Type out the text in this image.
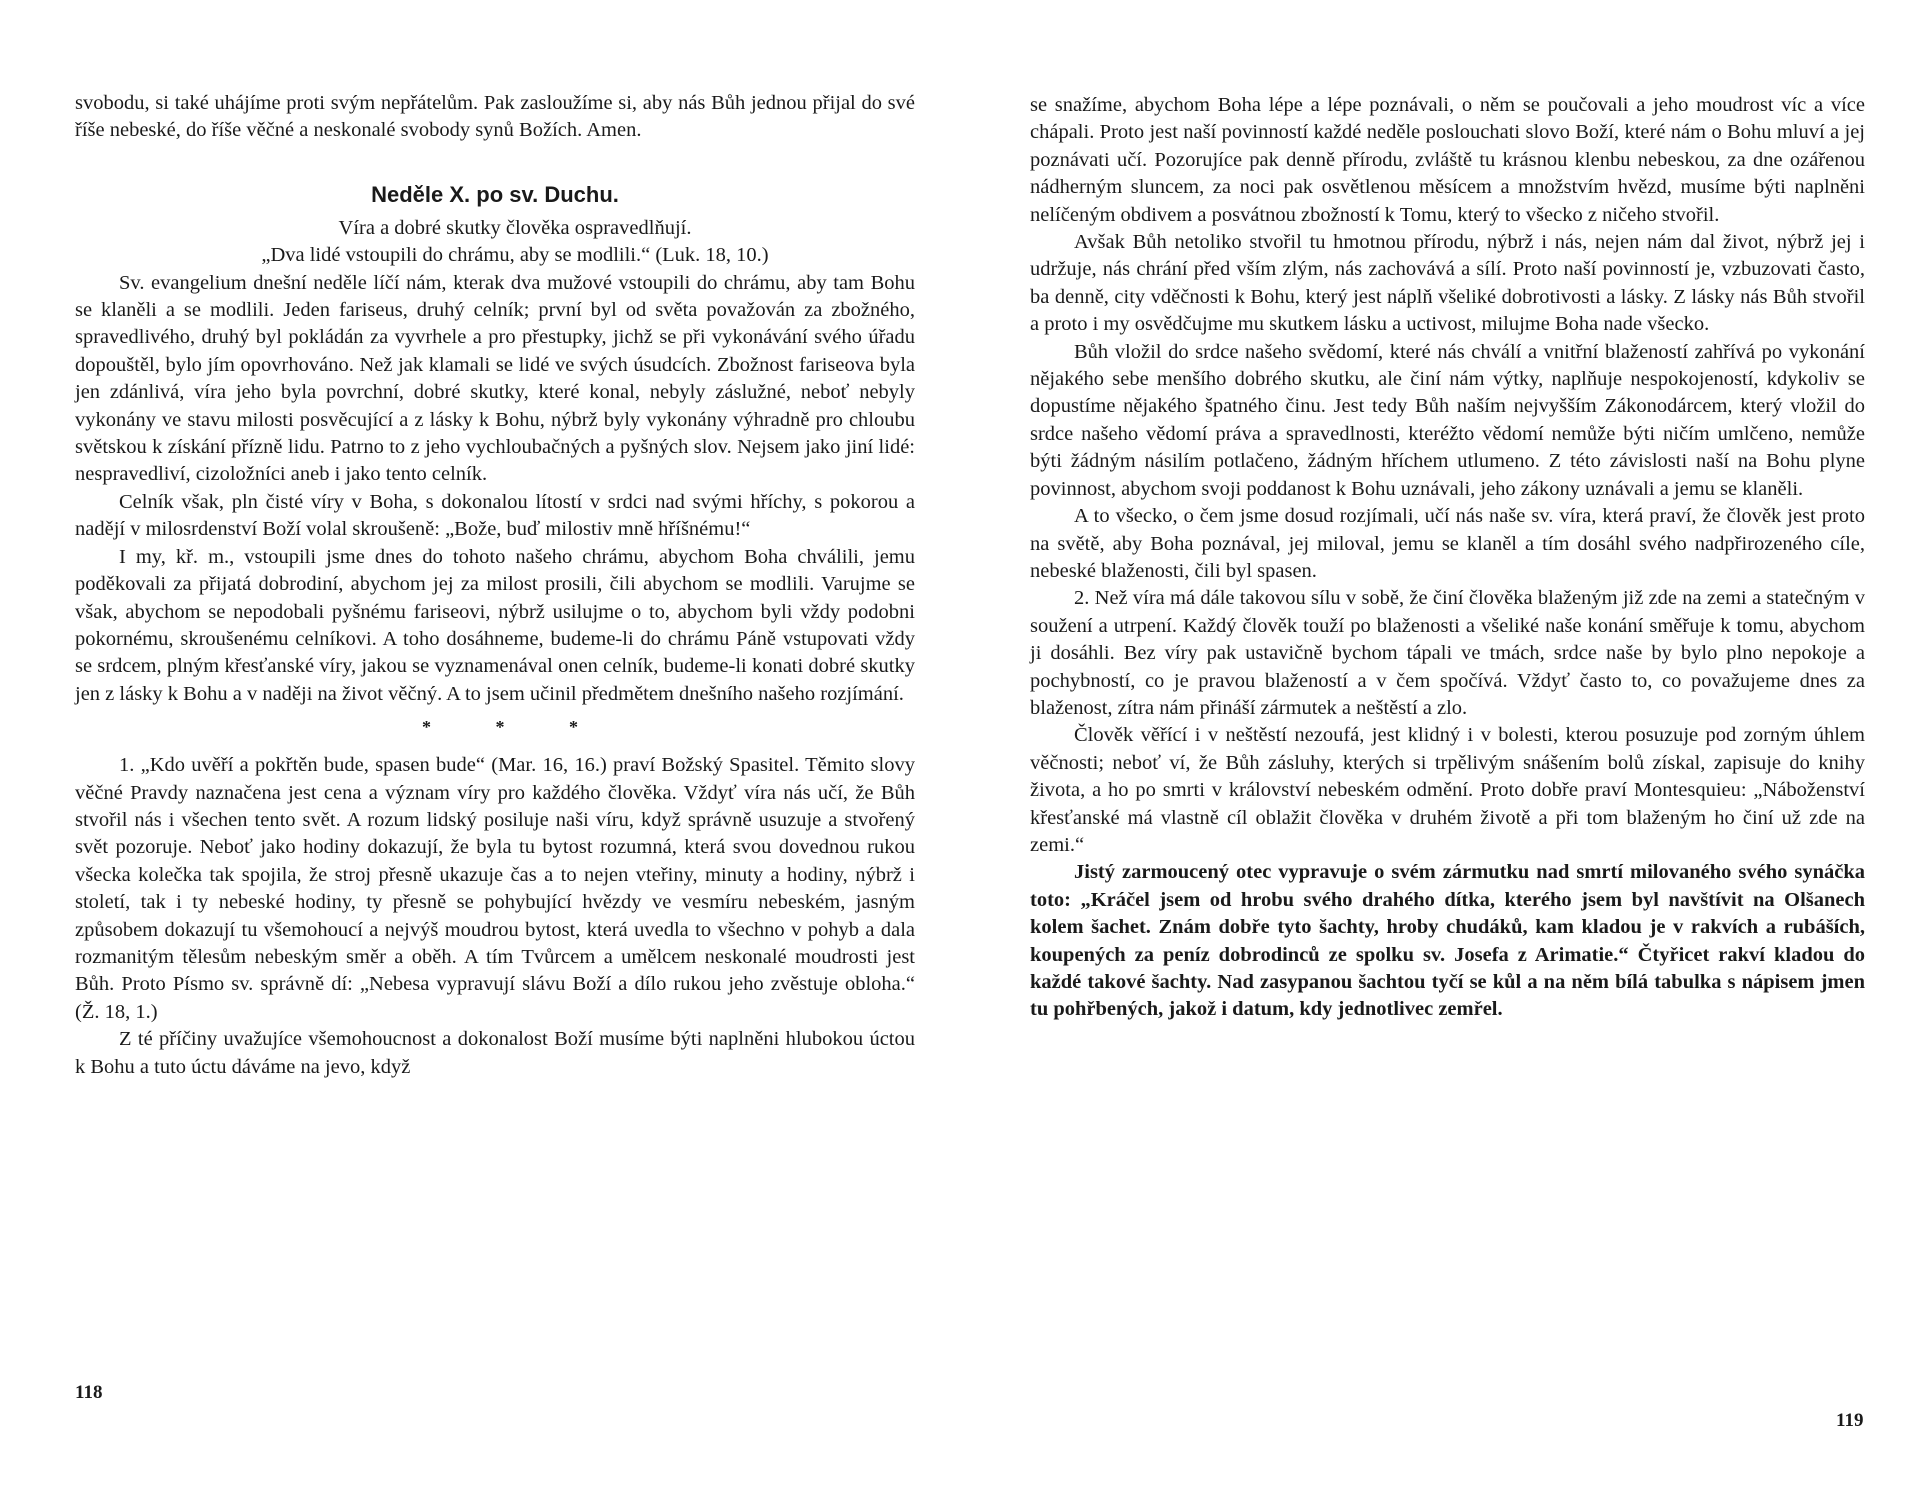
svobodu, si také uhájíme proti svým nepřátelům. Pak zasloužíme si, aby nás Bůh jednou přijal do své říše nebeské, do říše věčné a neskonalé svobody synů Božích. Amen.

Neděle X. po sv. Duchu.

Víra a dobré skutky člověka ospravedlňují.

„Dva lidé vstoupili do chrámu, aby se modlili.“ (Luk. 18, 10.)

Sv. evangelium dnešní neděle líčí nám, kterak dva mužové vstoupili do chrámu, aby tam Bohu se klaněli a se modlili. Jeden fariseus, druhý celník; první byl od světa považován za zbožného, spravedlivého, druhý byl pokládán za vyvrhele a pro přestupky, jichž se při vykonávání svého úřadu dopouštěl, bylo jím opovrhováno. Než jak klamali se lidé ve svých úsudcích. Zbožnost fariseova byla jen zdánlivá, víra jeho byla povrchní, dobré skutky, které konal, nebyly záslužné, neboť nebyly vykonány ve stavu milosti posvěcující a z lásky k Bohu, nýbrž byly vykonány výhradně pro chloubu světskou k získání přízně lidu. Patrno to z jeho vychloubačných a pyšných slov. Nejsem jako jiní lidé: nespravedliví, cizoložníci aneb i jako tento celník.

Celník však, pln čisté víry v Boha, s dokonalou lítostí v srdci nad svými hříchy, s pokorou a nadějí v milosrdenství Boží volal skroušeně: „Bože, buď milostiv mně hříšnému!“

I my, kř. m., vstoupili jsme dnes do tohoto našeho chrámu, abychom Boha chválili, jemu poděkovali za přijatá dobrodiní, abychom jej za milost prosili, čili abychom se modlili. Varujme se však, abychom se nepodobali pyšnému fariseovi, nýbrž usilujme o to, abychom byli vždy podobni pokornému, skroušenému celníkovi. A toho dosáhneme, budeme-li do chrámu Páně vstupovati vždy se srdcem, plným křesťanské víry, jakou se vyznamenával onen celník, budeme-li konati dobré skutky jen z lásky k Bohu a v naději na život věčný. A to jsem učinil předmětem dnešního našeho rozjímání.

* * *

1. „Kdo uvěří a pokřtěn bude, spasen bude“ (Mar. 16, 16.) praví Božský Spasitel. Těmito slovy věčné Pravdy naznačena jest cena a význam víry pro každého člověka. Vždyť víra nás učí, že Bůh stvořil nás i všechen tento svět. A rozum lidský posiluje naši víru, když správně usuzuje a stvořený svět pozoruje. Neboť jako hodiny dokazují, že byla tu bytost rozumná, která svou dovednou rukou všecka kolečka tak spojila, že stroj přesně ukazuje čas a to nejen vteřiny, minuty a hodiny, nýbrž i století, tak i ty nebeské hodiny, ty přesně se pohybující hvězdy ve vesmíru nebeském, jasným způsobem dokazují tu všemohoucí a nejvýš moudrou bytost, která uvedla to všechno v pohyb a dala rozmanitým tělesům nebeským směr a oběh. A tím Tvůrcem a umělcem neskonalé moudrosti jest Bůh. Proto Písmo sv. správně dí: „Nebesa vypravují slávu Boží a dílo rukou jeho zvěstuje obloha.“ (Ž. 18, 1.)

Z té příčiny uvažujíce všemohoucnost a dokonalost Boží musíme býti naplněni hlubokou úctou k Bohu a tuto úctu dáváme na jevo, když

118

se snažíme, abychom Boha lépe a lépe poznávali, o něm se poučovali a jeho moudrost víc a více chápali. Proto jest naší povinností každé neděle poslouchati slovo Boží, které nám o Bohu mluví a jej poznávati učí. Pozorujíce pak denně přírodu, zvláště tu krásnou klenbu nebeskou, za dne ozářenou nádherným sluncem, za noci pak osvětlenou měsícem a množstvím hvězd, musíme býti naplněni nelíčeným obdivem a posvátnou zbožností k Tomu, který to všecko z ničeho stvořil.

Avšak Bůh netoliko stvořil tu hmotnou přírodu, nýbrž i nás, nejen nám dal život, nýbrž jej i udržuje, nás chrání před vším zlým, nás zachovává a sílí. Proto naší povinností je, vzbuzovati často, ba denně, city vděčnosti k Bohu, který jest náplň všeliké dobrotivosti a lásky. Z lásky nás Bůh stvořil a proto i my osvědčujme mu skutkem lásku a uctivost, milujme Boha nade všecko.

Bůh vložil do srdce našeho svědomí, které nás chválí a vnitřní blažeností zahřívá po vykonání nějakého sebe menšího dobrého skutku, ale činí nám výtky, naplňuje nespokojeností, kdykoliv se dopustíme nějakého špatného činu. Jest tedy Bůh naším nejvyšším Zákonodárcem, který vložil do srdce našeho vědomí práva a spravedlnosti, kteréžto vědomí nemůže býti ničím umlčeno, nemůže býti žádným násilím potlačeno, žádným hříchem utlumeno. Z této závislosti naší na Bohu plyne povinnost, abychom svoji poddanost k Bohu uznávali, jeho zákony uznávali a jemu se klaněli.

A to všecko, o čem jsme dosud rozjímali, učí nás naše sv. víra, která praví, že člověk jest proto na světě, aby Boha poznával, jej miloval, jemu se klaněl a tím dosáhl svého nadpřirozeného cíle, nebeské blaženosti, čili byl spasen.

2. Než víra má dále takovou sílu v sobě, že činí člověka blaženým již zde na zemi a statečným v soužení a utrpení. Každý člověk touží po blaženosti a všeliké naše konání směřuje k tomu, abychom ji dosáhli. Bez víry pak ustavičně bychom tápali ve tmách, srdce naše by bylo plno nepokoje a pochybností, co je pravou blažeností a v čem spočívá. Vždyť často to, co považujeme dnes za blaženost, zítra nám přináší zármutek a neštěstí a zlo.

Člověk věřící i v neštěstí nezoufá, jest klidný i v bolesti, kterou posuzuje pod zorným úhlem věčnosti; neboť ví, že Bůh zásluhy, kterých si trpělivým snášením bolů získal, zapisuje do knihy života, a ho po smrti v království nebeském odmění. Proto dobře praví Montesquieu: „Náboženství křesťanské má vlastně cíl oblažit člověka v druhém životě a při tom blaženým ho činí už zde na zemi.“

Jistý zarmoucený otec vypravuje o svém zármutku nad smrtí milovaného svého synáčka toto: „Kráčel jsem od hrobu svého drahého dítka, kterého jsem byl navštívit na Olšanech kolem šachet. Znám dobře tyto šachty, hroby chudáků, kam kladou je v rakvích a rubáších, koupených za peníz dobrodinců ze spolku sv. Josefa z Arimatie.“ Čtyřicet rakví kladou do každé takové šachty. Nad zasypanou šachtou tyčí se kůl a na něm bílá tabulka s nápisem jmen tu pohřbených, jakož i datum, kdy jednotlivec zemřel.

119
